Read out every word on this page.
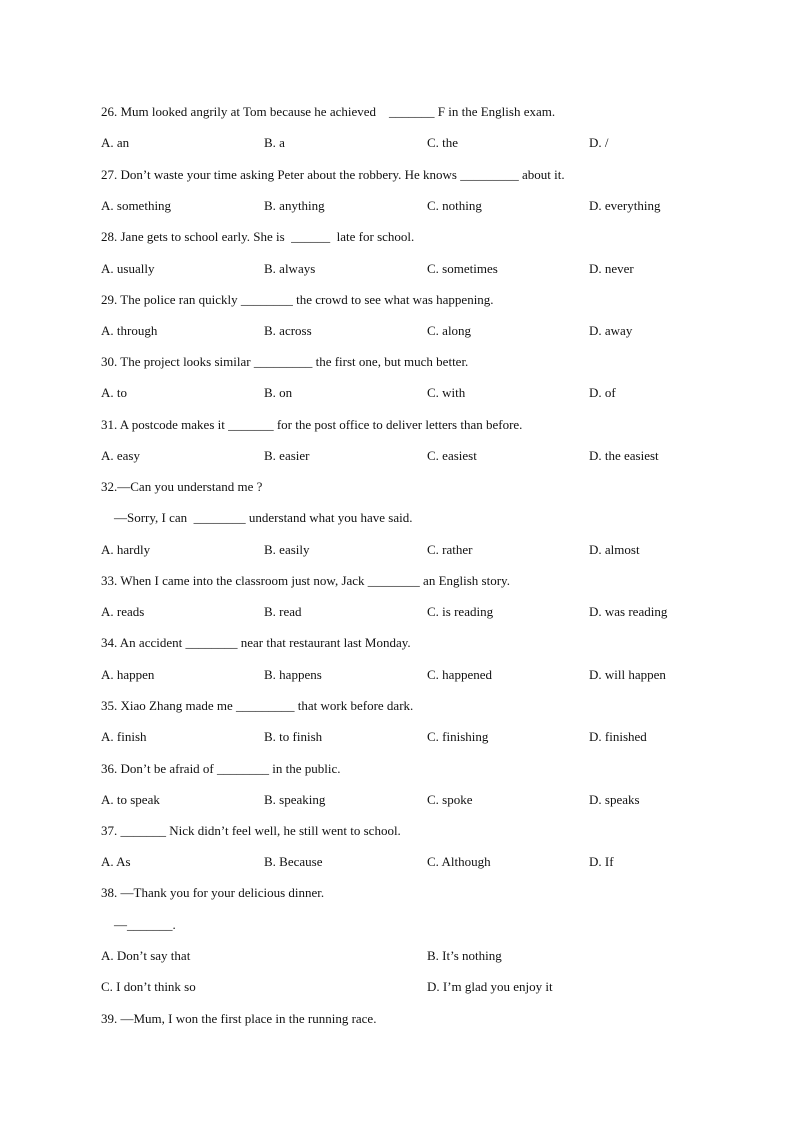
26. Mum looked angrily at Tom because he achieved    _______ F in the English exam.

A. an

	B. a

	C. the

	D. /

27. Don’t waste your time asking Peter about the robbery. He knows _________ about it.

A. something

	B. anything

	C. nothing

	D. everything

28. Jane gets to school early. She is  ______  late for school.

A. usually

	B. always

	C. sometimes

	D. never

29. The police ran quickly ________ the crowd to see what was happening.

A. through

	B. across

	C. along

	D. away

30. The project looks similar _________ the first one, but much better.

A. to

	B. on

	C. with

	D. of

31. A postcode makes it _______ for the post office to deliver letters than before.

A. easy

	B. easier

	C. easiest

	D. the easiest

32.—Can you understand me ?
—Sorry, I can  ________ understand what you have said.

A. hardly

	B. easily

	C. rather

	D. almost

33. When I came into the classroom just now, Jack ________ an English story.

A. reads

	B. read

	C. is reading

	D. was reading

34. An accident ________ near that restaurant last Monday.

A. happen

	B. happens

	C. happened

	D. will happen

35. Xiao Zhang made me _________ that work before dark.

A. finish

	B. to finish

	C. finishing

	D. finished

36. Don’t be afraid of ________ in the public.

A. to speak

	B. speaking

	C. spoke

	D. speaks

37. _______ Nick didn’t feel well, he still went to school.

A. As

	B. Because

	C. Although

	D. If

38. —Thank you for your delicious dinner.
—_______.

A. Don’t say that

	B. It’s nothing

C. I don’t think so

	D. I’m glad you enjoy it

39. —Mum, I won the first place in the running race.
